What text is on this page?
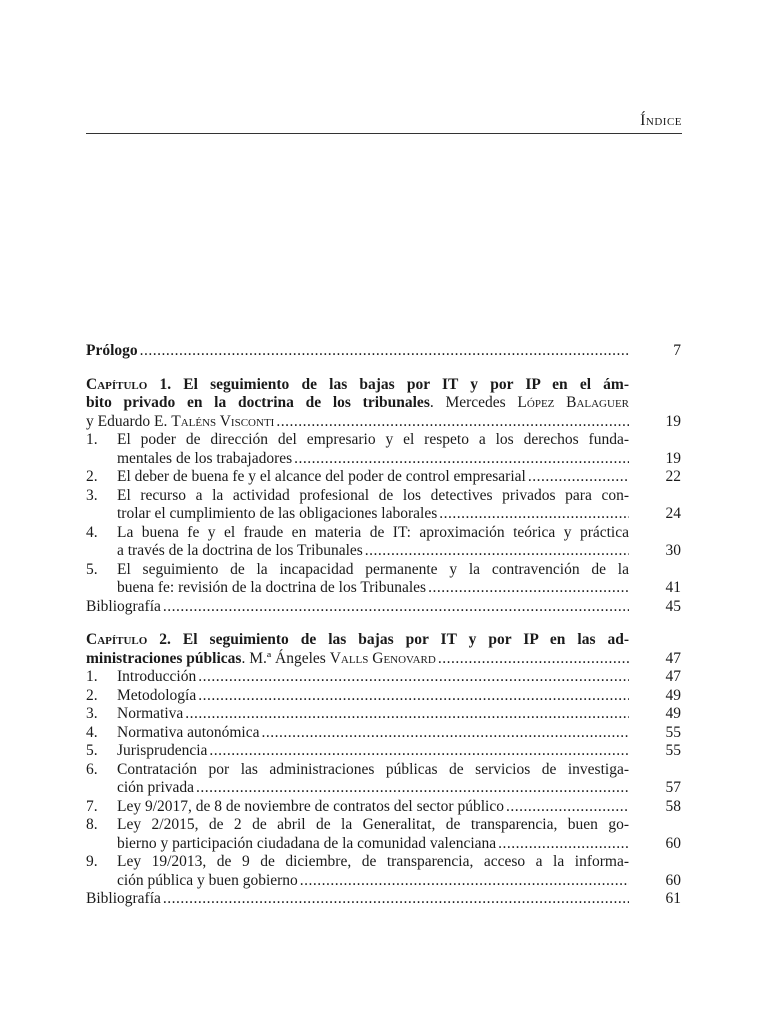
Índice
Prólogo .....	7
Capítulo 1. El seguimiento de las bajas por IT y por IP en el ám-
bito privado en la doctrina de los tribunales. Mercedes López Balaguer
y Eduardo E. Taléns Visconti .....	19
1. El poder de dirección del empresario y el respeto a los derechos funda-
mentales de los trabajadores .....	19
2. El deber de buena fe y el alcance del poder de control empresarial .....	22
3. El recurso a la actividad profesional de los detectives privados para con-
trolar el cumplimiento de las obligaciones laborales .....	24
4. La buena fe y el fraude en materia de IT: aproximación teórica y práctica
a través de la doctrina de los Tribunales .....	30
5. El seguimiento de la incapacidad permanente y la contravención de la
buena fe: revisión de la doctrina de los Tribunales .....	41
Bibliografía .....	45
Capítulo 2. El seguimiento de las bajas por IT y por IP en las ad-
ministraciones públicas. M.ª Ángeles Valls Genovard .....	47
1. Introducción .....	47
2. Metodología .....	49
3. Normativa .....	49
4. Normativa autonómica .....	55
5. Jurisprudencia .....	55
6. Contratación por las administraciones públicas de servicios de investiga-
ción privada .....	57
7. Ley 9/2017, de 8 de noviembre de contratos del sector público .....	58
8. Ley 2/2015, de 2 de abril de la Generalitat, de transparencia, buen go-
bierno y participación ciudadana de la comunidad valenciana .....	60
9. Ley 19/2013, de 9 de diciembre, de transparencia, acceso a la informa-
ción pública y buen gobierno .....	60
Bibliografía .....	61
